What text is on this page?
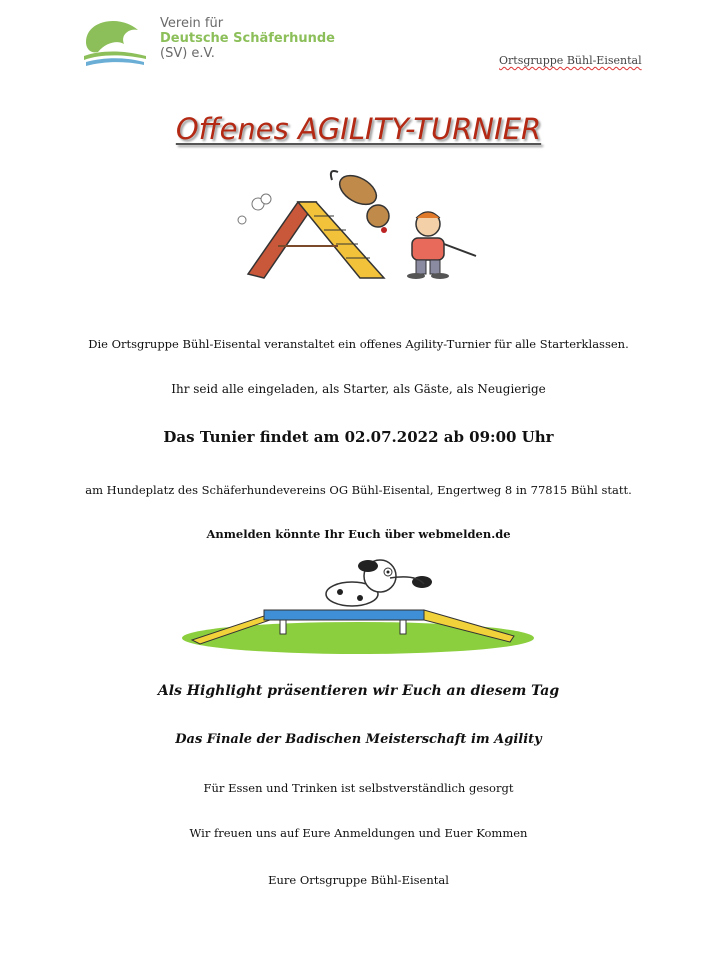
Verein für
Deutsche Schäferhunde
(SV) e.V.	Ortsgruppe Bühl-Eisental
Offenes AGILITY-TURNIER
Die Ortsgruppe Bühl-Eisental veranstaltet ein offenes Agility-Turnier für alle Starterklassen.
Ihr seid alle eingeladen, als Starter, als Gäste, als Neugierige
Das Tunier findet am 02.07.2022 ab 09:00 Uhr
am Hundeplatz des Schäferhundevereins OG Bühl-Eisental, Engertweg 8 in 77815 Bühl statt.
Anmelden könnte Ihr Euch über webmelden.de
Als Highlight präsentieren wir Euch an diesem Tag
Das Finale der Badischen Meisterschaft im Agility
Für Essen und Trinken ist selbstverständlich gesorgt
Wir freuen uns auf Eure Anmeldungen und Euer Kommen
Eure Ortsgruppe Bühl-Eisental
